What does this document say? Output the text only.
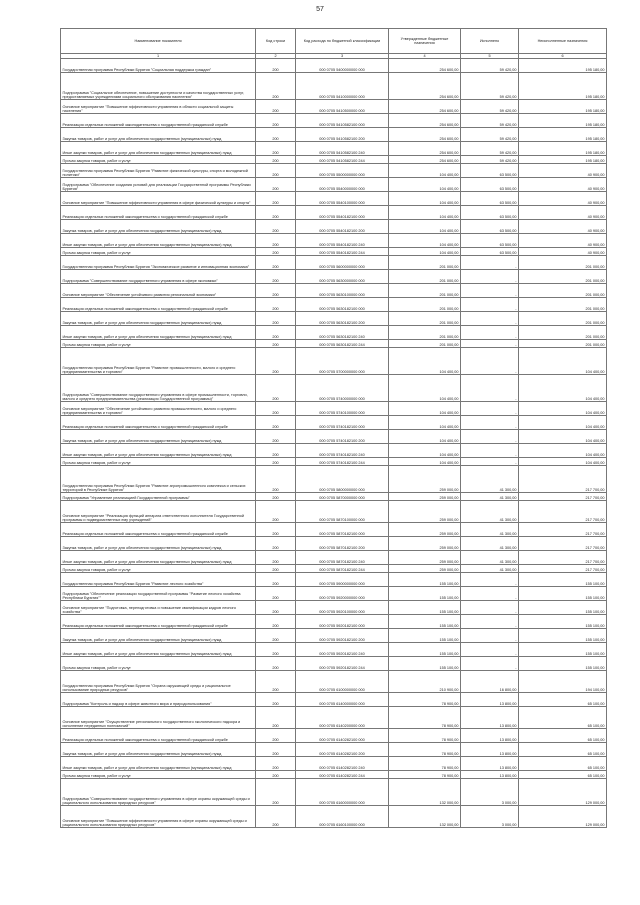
57
Наименование показателя	Код строки	Код расхода по бюджетной классификации	Утвержденные бюджетные назначения	Исполнено	Неисполненные назначения
1	2	3	4	5	6
Государственная программа Республики Бурятия "Социальная поддержка граждан"	200	000 0705 5400000000 000	254 600,00	59 420,00	195 180,00
Подпрограмма "Социальное обеспечение, повышение доступности и качества государственных услуг, предоставляемых учреждениями социального обслуживания населения"	200	000 0705 5410000000 000	254 600,00	59 420,00	195 180,00
Основное мероприятие "Повышение эффективности управления в области социальной защиты населения"	200	000 0705 5410500000 000	254 600,00	59 420,00	195 180,00
Реализация отдельных положений законодательства о государственной гражданской службе	200	000 0705 5410582100 000	254 600,00	59 420,00	195 180,00
Закупка товаров, работ и услуг для обеспечения государственных (муниципальных) нужд	200	000 0705 5410582100 200	254 600,00	59 420,00	195 180,00
Иные закупки товаров, работ и услуг для обеспечения государственных (муниципальных) нужд	200	000 0705 5410582100 240	254 600,00	59 420,00	195 180,00
Прочая закупка товаров, работ и услуг	200	000 0705 5410582100 244	254 600,00	59 420,00	195 180,00
Государственная программа Республики Бурятия "Развитие физической культуры, спорта и молодежной политики"	200	000 0705 5500000000 000	104 400,00	63 500,00	40 900,00
Подпрограмма "Обеспечение создания условий для реализации Государственной программы Республики Бурятия"	200	000 0705 5540000000 000	104 400,00	63 500,00	40 900,00
Основное мероприятие "Повышение эффективности управления в сфере физической культуры и спорта"	200	000 0705 5540100000 000	104 400,00	63 500,00	40 900,00
Реализация отдельных положений законодательства о государственной гражданской службе	200	000 0705 5540182100 000	104 400,00	63 500,00	40 900,00
Закупка товаров, работ и услуг для обеспечения государственных (муниципальных) нужд	200	000 0705 5540182100 200	104 400,00	63 500,00	40 900,00
Иные закупки товаров, работ и услуг для обеспечения государственных (муниципальных) нужд	200	000 0705 5540182100 240	104 400,00	63 500,00	40 900,00
Прочая закупка товаров, работ и услуг	200	000 0705 5540182100 244	104 400,00	63 500,00	40 900,00
Государственная программа Республики Бурятия "Экономическое развитие и инновационная экономика"	200	000 0705 5600000000 000	201 000,00	-	201 000,00
Подпрограмма "Совершенствование государственного управления в сфере экономики"	200	000 0705 5630000000 000	201 000,00	-	201 000,00
Основное мероприятие "Обеспечение устойчивого развития региональной экономики"	200	000 0705 5630100000 000	201 000,00	-	201 000,00
Реализация отдельных положений законодательства о государственной гражданской службе	200	000 0705 5630182100 000	201 000,00	-	201 000,00
Закупка товаров, работ и услуг для обеспечения государственных (муниципальных) нужд	200	000 0705 5630182100 200	201 000,00	-	201 000,00
Иные закупки товаров, работ и услуг для обеспечения государственных (муниципальных) нужд	200	000 0705 5630182100 240	201 000,00	-	201 000,00
Прочая закупка товаров, работ и услуг	200	000 0705 5630182100 244	201 000,00	-	201 000,00
Государственная программа Республики Бурятия "Развитие промышленности, малого и среднего предпринимательства и торговли"	200	000 0705 5700000000 000	104 400,00	-	104 400,00
Подпрограмма "Совершенствование государственного управления в сфере промышленности, торговли, малого и среднего предпринимательства (реализация Государственной программы)"	200	000 0705 5740000000 000	104 400,00	-	104 400,00
Основное мероприятие "Обеспечение устойчивого развития промышленности, малого и среднего предпринимательства и торговли"	200	000 0705 5740100000 000	104 400,00	-	104 400,00
Реализация отдельных положений законодательства о государственной гражданской службе	200	000 0705 5740182100 000	104 400,00	-	104 400,00
Закупка товаров, работ и услуг для обеспечения государственных (муниципальных) нужд	200	000 0705 5740182100 200	104 400,00	-	104 400,00
Иные закупки товаров, работ и услуг для обеспечения государственных (муниципальных) нужд	200	000 0705 5740182100 240	104 400,00	-	104 400,00
Прочая закупка товаров, работ и услуг	200	000 0705 5740182100 244	104 400,00	-	104 400,00
Государственная программа Республики Бурятия "Развитие агропромышленного комплекса и сельских территорий в Республике Бурятия"	200	000 0705 5800000000 000	259 000,00	41 300,00	217 700,00
Подпрограмма "Управление реализацией Государственной программы"	200	000 0705 5870000000 000	259 000,00	41 300,00	217 700,00
Основное мероприятие "Реализация функций аппарата ответственного исполнителя Государственной программы и подведомственных ему учреждений"	200	000 0705 5870100000 000	259 000,00	41 300,00	217 700,00
Реализация отдельных положений законодательства о государственной гражданской службе	200	000 0705 5870182100 000	259 000,00	41 300,00	217 700,00
Закупка товаров, работ и услуг для обеспечения государственных (муниципальных) нужд	200	000 0705 5870182100 200	259 000,00	41 300,00	217 700,00
Иные закупки товаров, работ и услуг для обеспечения государственных (муниципальных) нужд	200	000 0705 5870182100 240	259 000,00	41 300,00	217 700,00
Прочая закупка товаров, работ и услуг	200	000 0705 5870182100 244	259 000,00	41 300,00	217 700,00
Государственная программа Республики Бурятия "Развитие лесного хозяйства"	200	000 0705 5900000000 000	155 100,00	-	155 100,00
Подпрограмма "Обеспечение реализации государственной программы "Развитие лесного хозяйства Республики Бурятия""	200	000 0705 5920000000 000	155 100,00	-	155 100,00
Основное мероприятие "Подготовка, переподготовка и повышение квалификации кадров лесного хозяйства"	200	000 0705 5920100000 000	155 100,00	-	155 100,00
Реализация отдельных положений законодательства о государственной гражданской службе	200	000 0705 5920182100 000	155 100,00	-	155 100,00
Закупка товаров, работ и услуг для обеспечения государственных (муниципальных) нужд	200	000 0705 5920182100 200	155 100,00	-	155 100,00
Иные закупки товаров, работ и услуг для обеспечения государственных (муниципальных) нужд	200	000 0705 5920182100 240	155 100,00	-	155 100,00
Прочая закупка товаров, работ и услуг	200	000 0705 5920182100 244	155 100,00	-	155 100,00
Государственная программа Республики Бурятия "Охрана окружающей среды и рациональное использование природных ресурсов"	200	000 0705 6100000000 000	210 900,00	16 800,00	194 100,00
Подпрограмма "Контроль и надзор в сфере животного мира и природопользования"	200	000 0705 6140000000 000	78 900,00	13 800,00	65 100,00
Основное мероприятие "Осуществление регионального государственного экологического надзора и исполнение переданных полномочий"	200	000 0705 6140200000 000	78 900,00	13 800,00	65 100,00
Реализация отдельных положений законодательства о государственной гражданской службе	200	000 0705 6140282100 000	78 900,00	13 800,00	65 100,00
Закупка товаров, работ и услуг для обеспечения государственных (муниципальных) нужд	200	000 0705 6140282100 200	78 900,00	13 800,00	65 100,00
Иные закупки товаров, работ и услуг для обеспечения государственных (муниципальных) нужд	200	000 0705 6140282100 240	78 900,00	13 800,00	65 100,00
Прочая закупка товаров, работ и услуг	200	000 0705 6140282100 244	78 900,00	13 800,00	65 100,00
Подпрограмма "Совершенствование государственного управления в сфере охраны окружающей среды и рационального использования природных ресурсов"	200	000 0705 6160000000 000	132 000,00	3 000,00	129 000,00
Основное мероприятие "Повышение эффективности управления в сфере охраны окружающей среды и рационального использования природных ресурсов"	200	000 0705 6160100000 000	132 000,00	3 000,00	129 000,00
